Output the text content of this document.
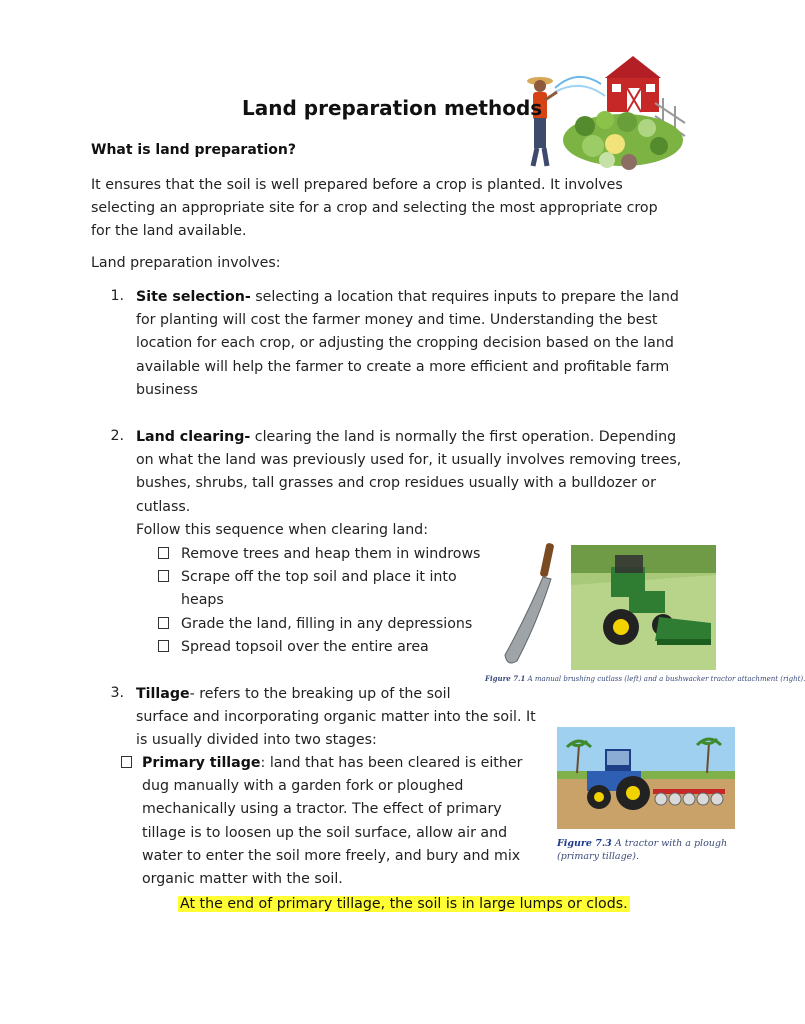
Land preparation methods
What is land preparation?
It ensures that the soil is well prepared before a crop is planted. It involves
selecting an appropriate site for a crop and selecting the most appropriate crop
for the land available.
Land preparation involves:
1. Site selection- selecting a location that requires inputs to prepare the land
for planting will cost the farmer money and time. Understanding the best
location for each crop, or adjusting the cropping decision based on the land
available will help the farmer to create a more efficient and profitable farm
business
2. Land clearing- clearing the land is normally the first operation. Depending
on what the land was previously used for, it usually involves removing trees,
bushes, shrubs, tall grasses and crop residues usually with a bulldozer or
cutlass.
Follow this sequence when clearing land:
Remove trees and heap them in windrows
Scrape off the top soil and place it into
heaps
Grade the land, filling in any depressions
Spread topsoil over the entire area
Figure 7.1 A manual brushing cutlass (left) and a bushwacker tractor attachment (right).
3. Tillage- refers to the breaking up of the soil
surface and incorporating organic matter into the soil. It
is usually divided into two stages:
Primary tillage: land that has been cleared is either
dug manually with a garden fork or ploughed
mechanically using a tractor. The effect of primary
tillage is to loosen up the soil surface, allow air and
water to enter the soil more freely, and bury and mix
organic matter with the soil.
At the end of primary tillage, the soil is in large lumps or clods.
Figure 7.3 A tractor with a plough
(primary tillage).
